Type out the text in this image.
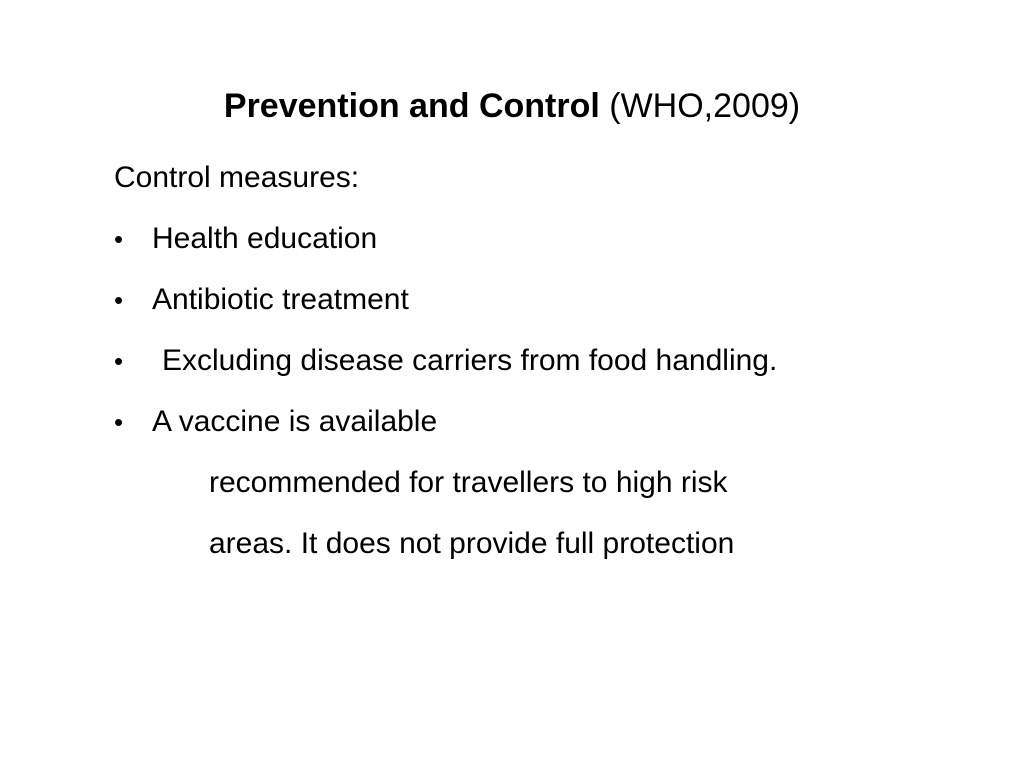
Prevention and Control (WHO,2009)
Control measures:
• Health education
• Antibiotic treatment
•	Excluding disease carriers from food handling.
• A vaccine is available
recommended for travellers to high risk
areas. It does not provide full protection
